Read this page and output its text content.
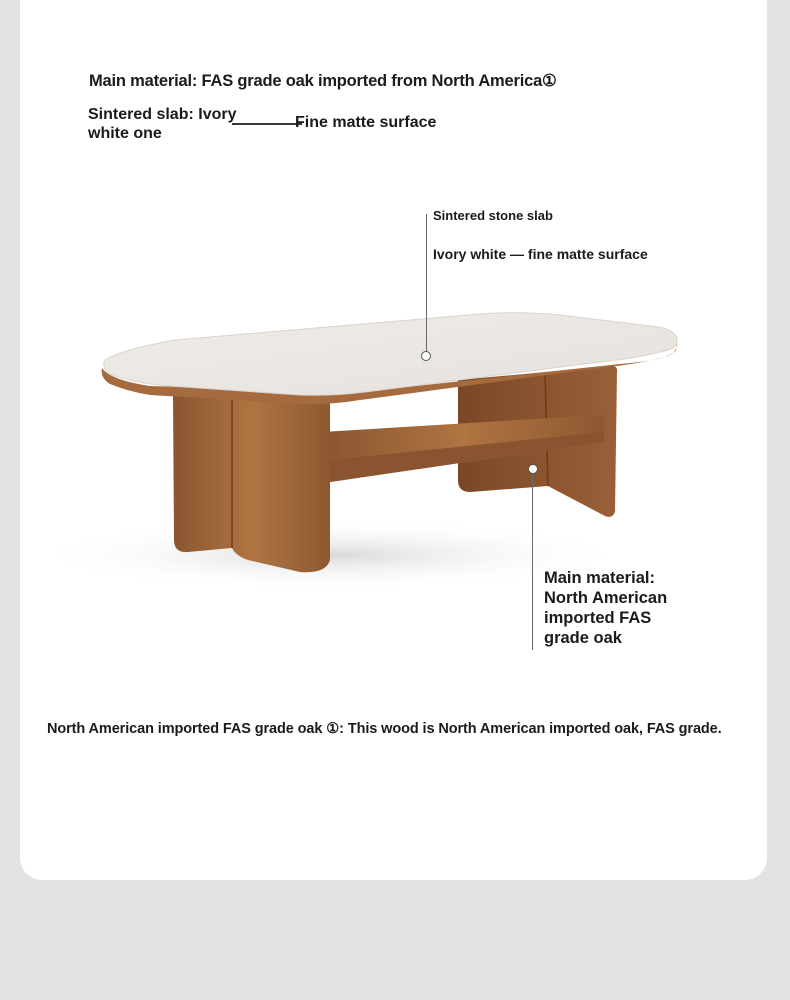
Main material: FAS grade oak imported from North America①

Sintered slab: Ivory white one

Fine matte surface

Sintered stone slab

Ivory white — fine matte surface

Main material: North American imported FAS grade oak

North American imported FAS grade oak ①: This wood is North American imported oak, FAS grade.
